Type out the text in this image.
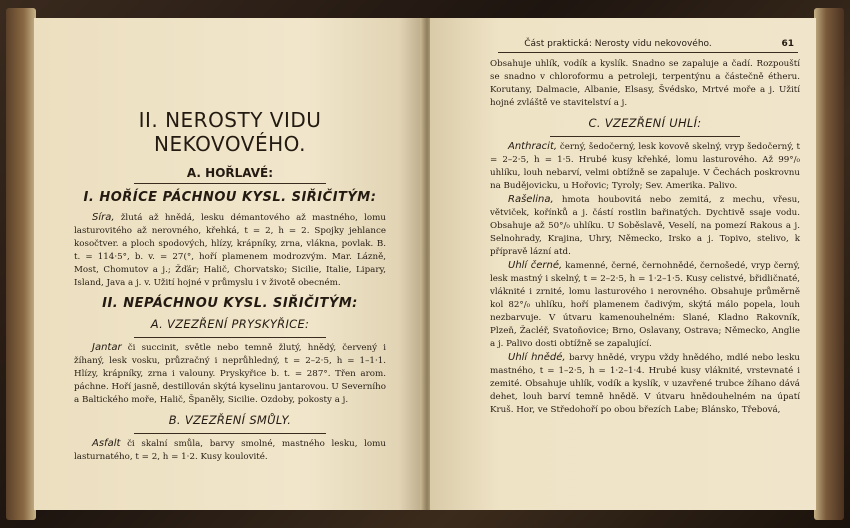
II. NEROSTY VIDU NEKOVOVÉHO.
A. HOŘLAVÉ:
I. HOŘÍCE PÁCHNOU KYSL. SIŘIČITÝM:

Síra, žlutá až hnědá, lesku démantového až mastného, lomu lasturovitého až nerovného, křehká, t = 2, h = 2. Spojky jehlance kosočtver. a ploch spodových, hlízy, krápníky, zrna, vlákna, povlak. B. t. = 114·5°, b. v. = 27(°, hoří plamenem modrozvým. Mar. Lázně, Most, Chomutov a j.; Žďár; Halič, Chorvatsko; Sicilie, Italie, Lipary, Island, Java a j. v. Užití hojné v průmyslu i v životě obecném.

II. NEPÁCHNOU KYSL. SIŘIČITÝM:
A. VZEZŘENÍ PRYSKYŘICE:

Jantar či succinit, světle nebo temně žlutý, hnědý, červený i žíhaný, lesk vosku, průzračný i neprůhledný, t = 2–2·5, h = 1–1·1. Hlízy, krápníky, zrna i valouny. Pryskyřice b. t. = 287°. Třen arom. páchne. Hoří jasně, destillován skýtá kyselinu jantarovou. U Severního a Baltického moře, Halič, Španěly, Sicilie. Ozdoby, pokosty a j.

B. VZEZŘENÍ SMŮLY.

Asfalt či skalní smůla, barvy smolné, mastného lesku, lomu lasturnatého, t = 2, h = 1·2. Kusy koulovité.

Část praktická: Nerosty vidu nekovového.	61

Obsahuje uhlík, vodík a kyslík. Snadno se zapaluje a čadí. Rozpouští se snadno v chloroformu a petroleji, terpentýnu a částečně étheru. Korutany, Dalmacie, Albanie, Elsasy, Švédsko, Mrtvé moře a j. Užití hojné zvláště ve stavitelství a j.

C. VZEZŘENÍ UHLÍ:

Anthracit, černý, šedočerný, lesk kovově skelný, vryp šedočerný, t = 2–2·5, h = 1·5. Hrubé kusy křehké, lomu lasturového. Až 99°/₀ uhlíku, louh nebarví, velmi obtížně se zapaluje. V Čechách poskrovnu na Budějovicku, u Hořovic; Tyroly; Sev. Amerika. Palivo.

Rašelina, hmota houbovitá nebo zemitá, z mechu, vřesu, větviček, kořínků a j. částí rostlin bařinatých. Dychtivě ssaje vodu. Obsahuje až 50°/₀ uhlíku. U Soběslavě, Veselí, na pomezí Rakous a j. Selnohrady, Krajina, Uhry, Německo, Irsko a j. Topivo, stelivo, k přípravě lázní atd.

Uhlí černé, kamenné, černé, černohnědé, černošedé, vryp černý, lesk mastný i skelný, t = 2–2·5, h = 1·2–1·5. Kusy celistvé, břidličnaté, vláknité i zrnité, lomu lasturového i nerovného. Obsahuje průměrně kol 82°/₀ uhlíku, hoří plamenem čadivým, skýtá málo popela, louh nezbarvuje. V útvaru kamenouhelném: Slané, Kladno Rakovník, Plzeň, Žacléř, Svatoňovice; Brno, Oslavany, Ostrava; Německo, Anglie a j. Palivo dosti obtížně se zapalující.

Uhlí hnědé, barvy hnědé, vrypu vždy hnědého, mdlé nebo lesku mastného, t = 1–2·5, h = 1·2–1·4. Hrubé kusy vláknité, vrstevnaté i zemité. Obsahuje uhlík, vodík a kyslík, v uzavřené trubce žíhano dává dehet, louh barví temně hnědě. V útvaru hnědouhelném na úpatí Kruš. Hor, ve Středohoří po obou březích Labe; Blánsko, Třebová,
